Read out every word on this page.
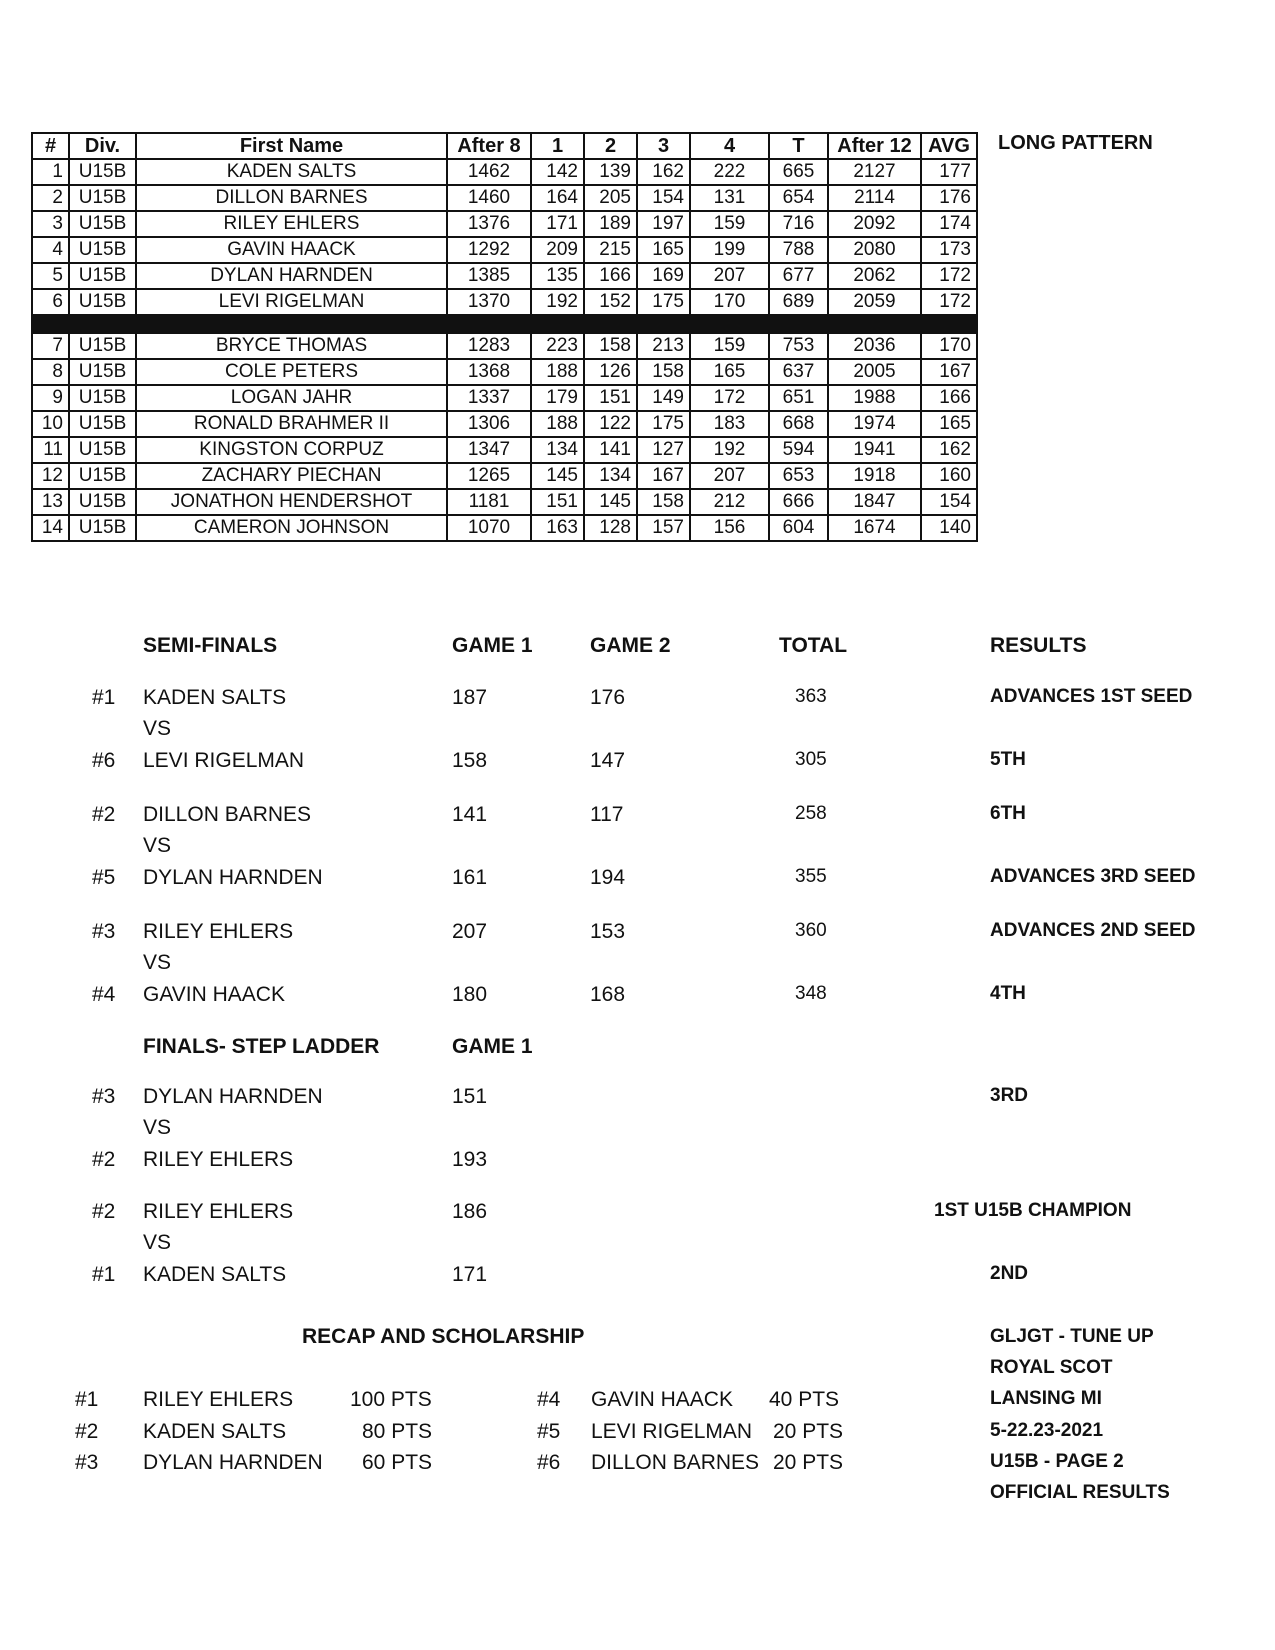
LONG PATTERN
#	Div.	First Name	After 8	1	2	3	4	T	After 12	AVG
1	U15B	KADEN SALTS	1462	142	139	162	222	665	2127	177
2	U15B	DILLON BARNES	1460	164	205	154	131	654	2114	176
3	U15B	RILEY EHLERS	1376	171	189	197	159	716	2092	174
4	U15B	GAVIN HAACK	1292	209	215	165	199	788	2080	173
5	U15B	DYLAN HARNDEN	1385	135	166	169	207	677	2062	172
6	U15B	LEVI RIGELMAN	1370	192	152	175	170	689	2059	172

7	U15B	BRYCE THOMAS	1283	223	158	213	159	753	2036	170
8	U15B	COLE PETERS	1368	188	126	158	165	637	2005	167
9	U15B	LOGAN JAHR	1337	179	151	149	172	651	1988	166
10	U15B	RONALD BRAHMER II	1306	188	122	175	183	668	1974	165
11	U15B	KINGSTON CORPUZ	1347	134	141	127	192	594	1941	162
12	U15B	ZACHARY PIECHAN	1265	145	134	167	207	653	1918	160
13	U15B	JONATHON HENDERSHOT	1181	151	145	158	212	666	1847	154
14	U15B	CAMERON JOHNSON	1070	163	128	157	156	604	1674	140
SEMI-FINALS	GAME 1	GAME 2	TOTAL	RESULTS
#1 KADEN SALTS	187	176	363	ADVANCES 1ST SEED
VS
#6 LEVI RIGELMAN	158	147	305	5TH
#2 DILLON BARNES	141	117	258	6TH
VS
#5 DYLAN HARNDEN	161	194	355	ADVANCES 3RD SEED
#3 RILEY EHLERS	207	153	360	ADVANCES 2ND SEED
VS
#4 GAVIN HAACK	180	168	348	4TH
FINALS- STEP LADDER	GAME 1
#3 DYLAN HARNDEN	151	3RD
VS
#2 RILEY EHLERS	193
#2 RILEY EHLERS	186	1ST U15B CHAMPION
VS
#1 KADEN SALTS	171	2ND
RECAP AND SCHOLARSHIP
#1 RILEY EHLERS	100 PTS
#2 KADEN SALTS	80 PTS
#3 DYLAN HARNDEN 60 PTS
#4 GAVIN HAACK 40 PTS
#5 LEVI RIGELMAN 20 PTS
#6 DILLON BARNES 20 PTS
GLJGT - TUNE UP
ROYAL SCOT
LANSING MI
5-22.23-2021
U15B - PAGE 2
OFFICIAL RESULTS
